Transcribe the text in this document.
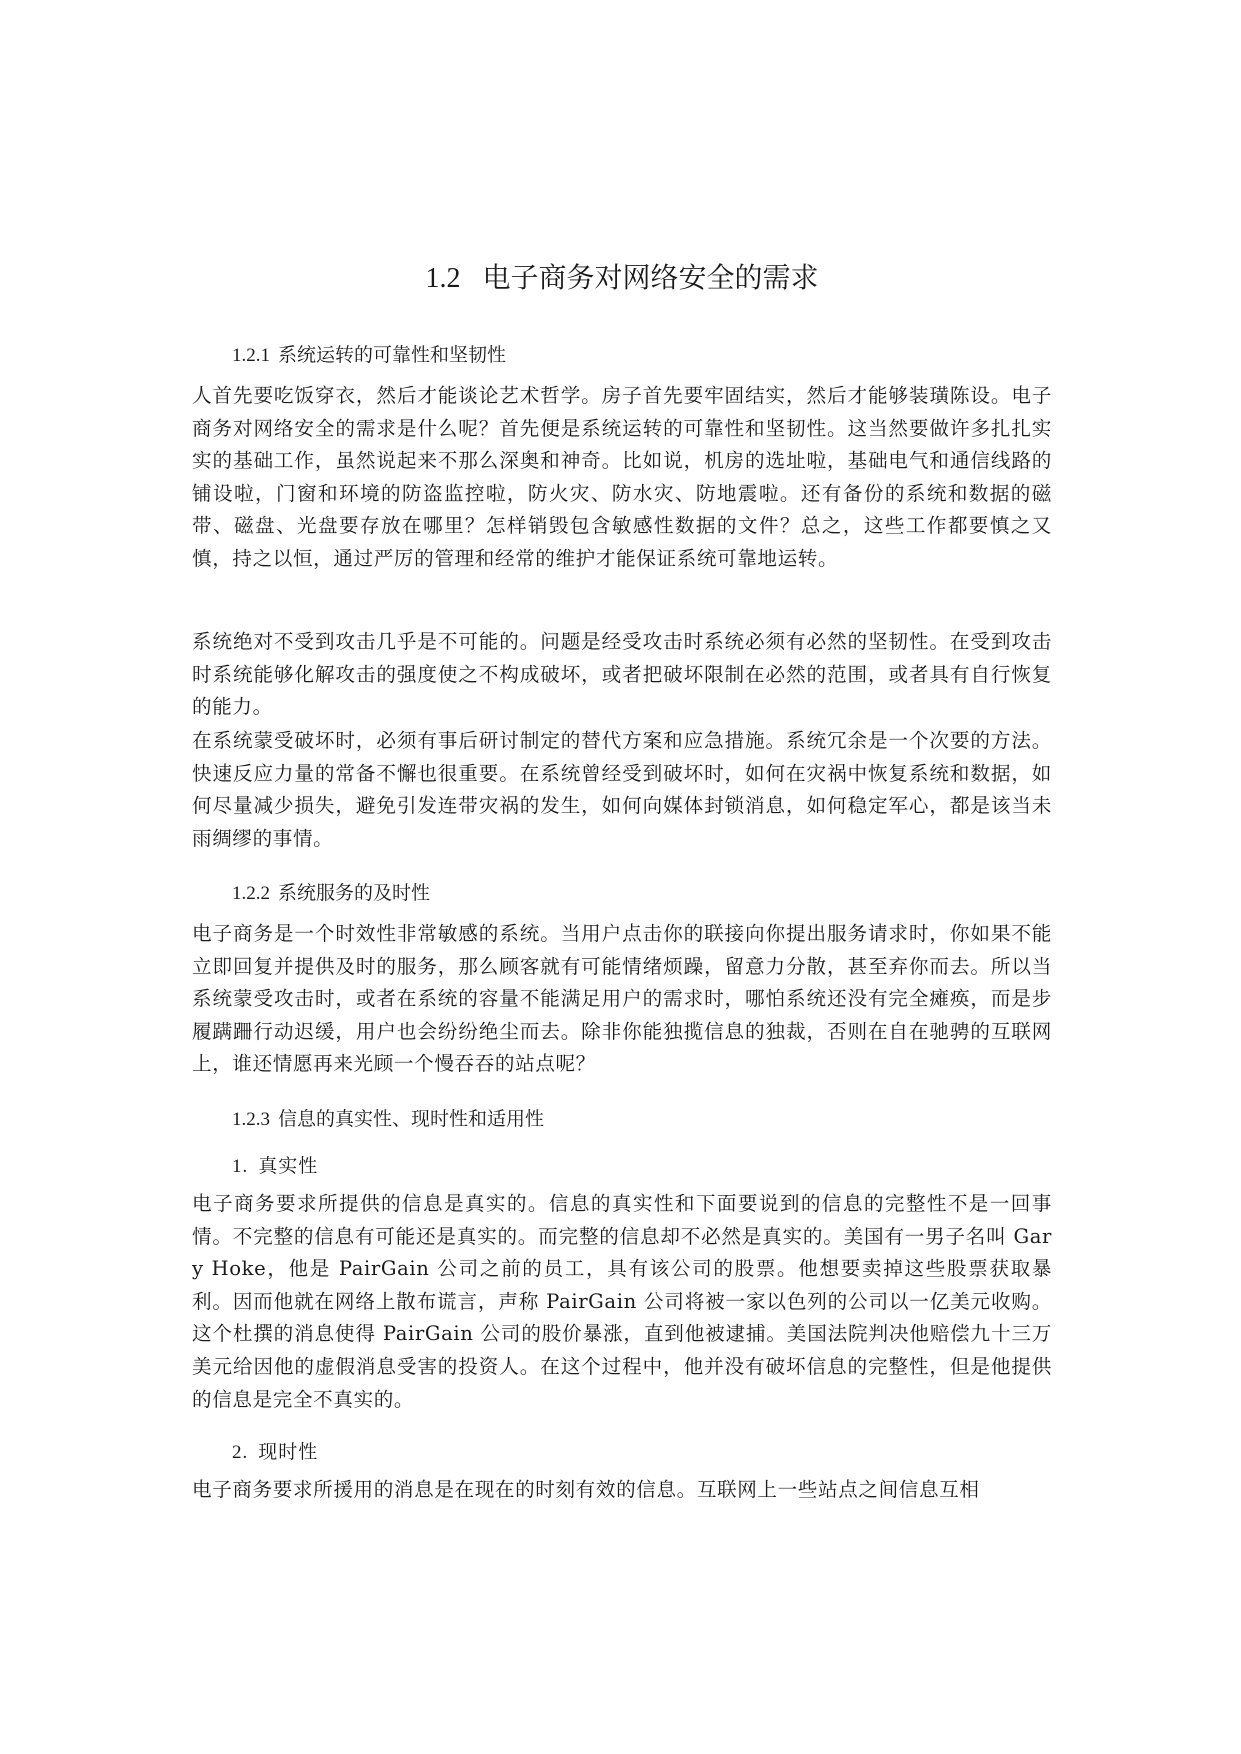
1.2 电子商务对网络安全的需求
1.2.1 系统运转的可靠性和坚韧性

人首先要吃饭穿衣，然后才能谈论艺术哲学。房子首先要牢固结实，然后才能够装璜陈设。电子商务对网络安全的需求是什么呢？首先便是系统运转的可靠性和坚韧性。这当然要做许多扎扎实实的基础工作，虽然说起来不那么深奥和神奇。比如说，机房的选址啦，基础电气和通信线路的铺设啦，门窗和环境的防盗监控啦，防火灾、防水灾、防地震啦。还有备份的系统和数据的磁带、磁盘、光盘要存放在哪里？怎样销毁包含敏感性数据的文件？总之，这些工作都要慎之又慎，持之以恒，通过严厉的管理和经常的维护才能保证系统可靠地运转。

系统绝对不受到攻击几乎是不可能的。问题是经受攻击时系统必须有必然的坚韧性。在受到攻击时系统能够化解攻击的强度使之不构成破坏，或者把破坏限制在必然的范围，或者具有自行恢复的能力。

在系统蒙受破坏时，必须有事后研讨制定的替代方案和应急措施。系统冗余是一个次要的方法。快速反应力量的常备不懈也很重要。在系统曾经受到破坏时，如何在灾祸中恢复系统和数据，如何尽量减少损失，避免引发连带灾祸的发生，如何向媒体封锁消息，如何稳定军心，都是该当未雨绸缪的事情。

1.2.2 系统服务的及时性

电子商务是一个时效性非常敏感的系统。当用户点击你的联接向你提出服务请求时，你如果不能立即回复并提供及时的服务，那么顾客就有可能情绪烦躁，留意力分散，甚至弃你而去。所以当系统蒙受攻击时，或者在系统的容量不能满足用户的需求时，哪怕系统还没有完全瘫痪，而是步履蹒跚行动迟缓，用户也会纷纷绝尘而去。除非你能独揽信息的独裁，否则在自在驰骋的互联网上，谁还情愿再来光顾一个慢吞吞的站点呢？

1.2.3 信息的真实性、现时性和适用性
1. 真实性

电子商务要求所提供的信息是真实的。信息的真实性和下面要说到的信息的完整性不是一回事情。不完整的信息有可能还是真实的。而完整的信息却不必然是真实的。美国有一男子名叫 Gary Hoke，他是 PairGain 公司之前的员工，具有该公司的股票。他想要卖掉这些股票获取暴利。因而他就在网络上散布谎言，声称 PairGain 公司将被一家以色列的公司以一亿美元收购。这个杜撰的消息使得 PairGain 公司的股价暴涨，直到他被逮捕。美国法院判决他赔偿九十三万美元给因他的虚假消息受害的投资人。在这个过程中，他并没有破坏信息的完整性，但是他提供的信息是完全不真实的。

2. 现时性

电子商务要求所援用的消息是在现在的时刻有效的信息。互联网上一些站点之间信息互相
